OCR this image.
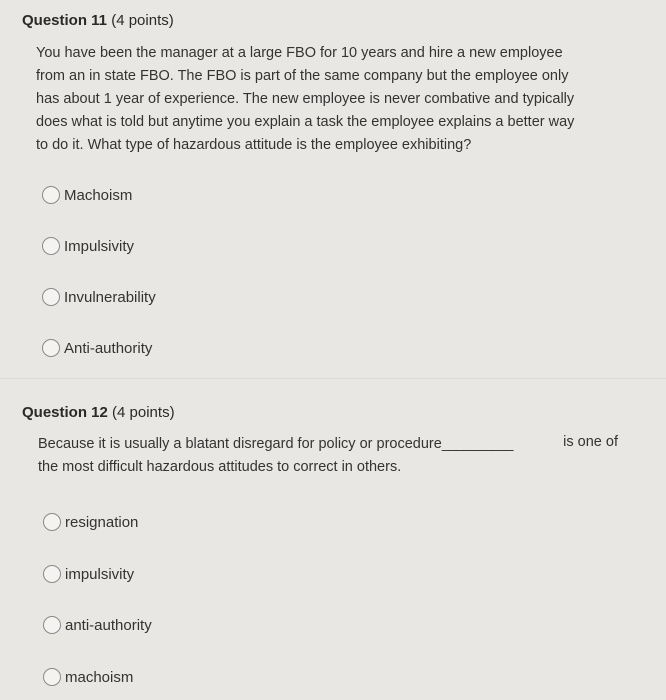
Question 11 (4 points)
You have been the manager at a large FBO for 10 years and hire a new employee
from an in state FBO. The FBO is part of the same company but the employee only
has about 1 year of experience. The new employee is never combative and typically
does what is told but anytime you explain a task the employee explains a better way
to do it. What type of hazardous attitude is the employee exhibiting?
Machoism
Impulsivity
Invulnerability
Anti-authority
Question 12 (4 points)
Because it is usually a blatant disregard for policy or procedure__________	is one of
the most difficult hazardous attitudes to correct in others.
resignation
impulsivity
anti-authority
machoism
